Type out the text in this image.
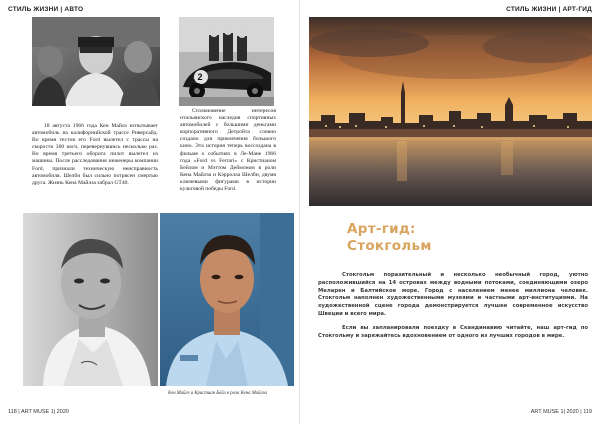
СТИЛЬ ЖИЗНИ | АВТО
2

18 августа 1966 года Кен Майлз испытывает автомобиль на калифорнийской трассе Риверсайд. Во время тестов его Ford вылетел с трассы на скорости 300 км/ч, перевернувшись несколько раз. Во время третьего оборота пилот вылетел из машины. После расследования инженеры компании Ford, признали техническую неисправность автомобиля. Шелби был сильно потрясен смертью друга. Жизнь Кена Майлза забрал GT40.

Столкновение интересов итальянского наследия спортивных автомобилей с большими деньгами корпоративного Детройта словно создано для привлечения большого кино. Эта история теперь воссоздана в фильме о событиях в Ле-Мане 1966 года «Ford vs Ferrari» с Кристианом Бейлом и Мэттом Деймоном в роли Кена Майлза и Кэрролла Шелби, двумя ключевыми фигурами в истории культовой победы Ford.

Кен Майлз и Кристиан Бейл в роли Кена Майлза
118 | ART MUSE 1| 2020
СТИЛЬ ЖИЗНИ | АРТ-ГИД
ART MUSE 1| 2020 | 119
Арт-гид:
Стокгольм

Стокгольм поразительный и несколько необычный город, уютно расположившийся на 14 островах между водными потоками, соединяющими озеро Меларен и Балтийское море. Город с населением менее миллиона человек. Стокгольм наполнен художественными музеями и частными арт-институциями. На художественной сцене города демонстрируется лучшее современное искусство Швеции и всего мира.

Если вы запланировали поездку в Скандинавию читайте, наш арт-гид по Стокгольму и заряжайтесь вдохновением от одного из лучших городов в мире.
